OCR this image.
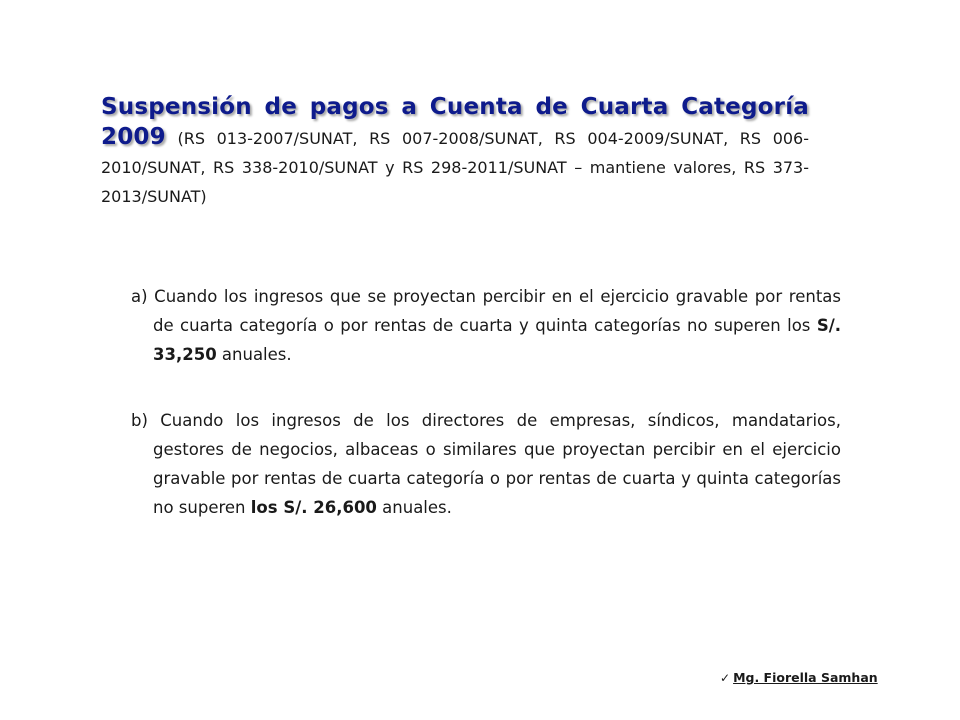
Suspensión de pagos a Cuenta de Cuarta Categoría 2009 (RS 013-2007/SUNAT, RS 007-2008/SUNAT, RS 004-2009/SUNAT, RS 006-2010/SUNAT, RS 338-2010/SUNAT y RS 298-2011/SUNAT – mantiene valores, RS 373-2013/SUNAT)
a) Cuando los ingresos que se proyectan percibir en el ejercicio gravable por rentas de cuarta categoría o por rentas de cuarta y quinta categorías no superen los S/. 33,250 anuales.
b) Cuando los ingresos de los directores de empresas, síndicos, mandatarios, gestores de negocios, albaceas o similares que proyectan percibir en el ejercicio gravable por rentas de cuarta categoría o por rentas de cuarta y quinta categorías no superen los S/. 26,600 anuales.
✓ Mg. Fiorella Samhan
